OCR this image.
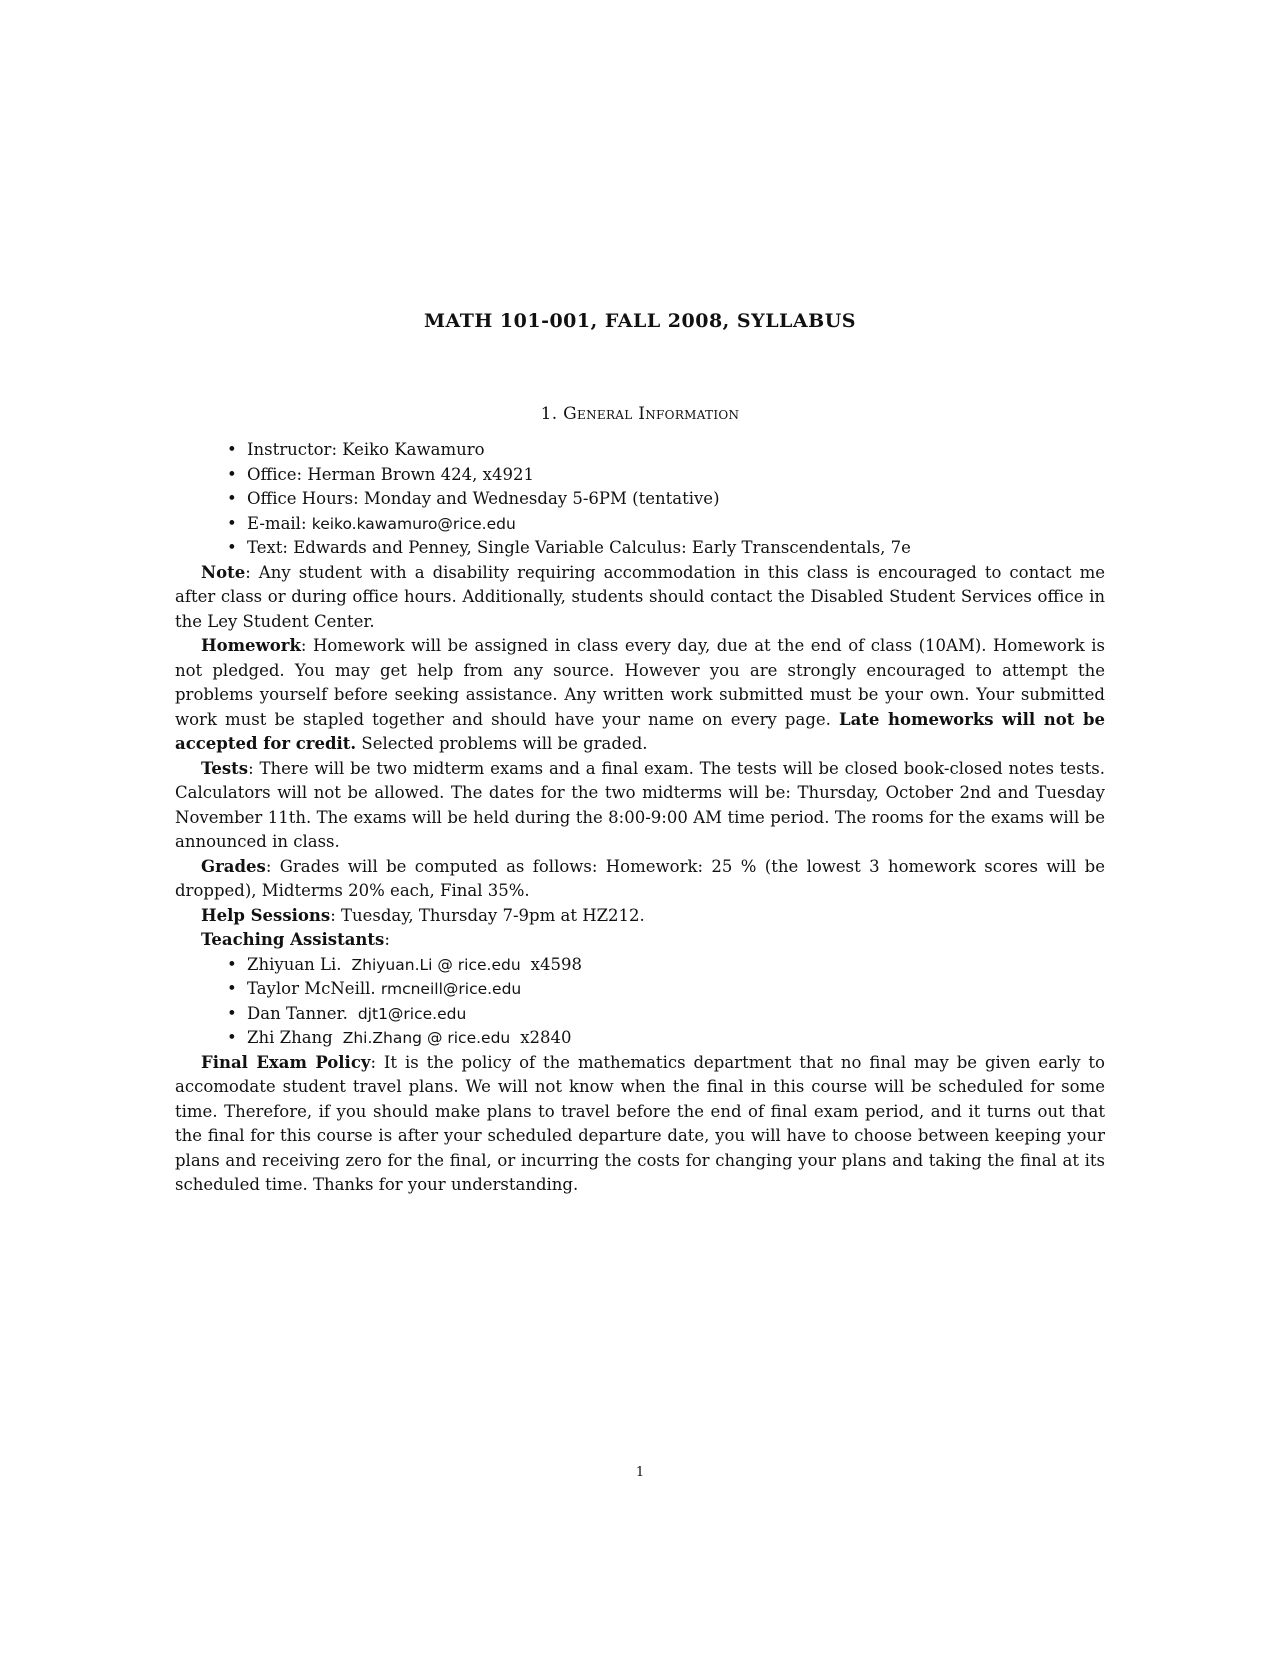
MATH 101-001, FALL 2008, SYLLABUS
1. General Information
• Instructor: Keiko Kawamuro
• Office: Herman Brown 424, x4921
• Office Hours: Monday and Wednesday 5-6PM (tentative)
• E-mail: keiko.kawamuro@rice.edu
• Text: Edwards and Penney, Single Variable Calculus: Early Transcendentals, 7e

Note: Any student with a disability requiring accommodation in this class is encouraged to contact me after class or during office hours. Additionally, students should contact the Disabled Student Services office in the Ley Student Center.

Homework: Homework will be assigned in class every day, due at the end of class (10AM). Homework is not pledged. You may get help from any source. However you are strongly encouraged to attempt the problems yourself before seeking assistance. Any written work submitted must be your own. Your submitted work must be stapled together and should have your name on every page. Late homeworks will not be accepted for credit. Selected problems will be graded.

Tests: There will be two midterm exams and a final exam. The tests will be closed book-closed notes tests. Calculators will not be allowed. The dates for the two midterms will be: Thursday, October 2nd and Tuesday November 11th. The exams will be held during the 8:00-9:00 AM time period. The rooms for the exams will be announced in class.

Grades: Grades will be computed as follows: Homework: 25 % (the lowest 3 homework scores will be dropped), Midterms 20% each, Final 35%.

Help Sessions: Tuesday, Thursday 7-9pm at HZ212.

Teaching Assistants:

• Zhiyuan Li. Zhiyuan.Li @ rice.edu x4598
• Taylor McNeill. rmcneill@rice.edu
• Dan Tanner. djt1@rice.edu
• Zhi Zhang Zhi.Zhang @ rice.edu x2840

Final Exam Policy: It is the policy of the mathematics department that no final may be given early to accomodate student travel plans. We will not know when the final in this course will be scheduled for some time. Therefore, if you should make plans to travel before the end of final exam period, and it turns out that the final for this course is after your scheduled departure date, you will have to choose between keeping your plans and receiving zero for the final, or incurring the costs for changing your plans and taking the final at its scheduled time. Thanks for your understanding.

1
